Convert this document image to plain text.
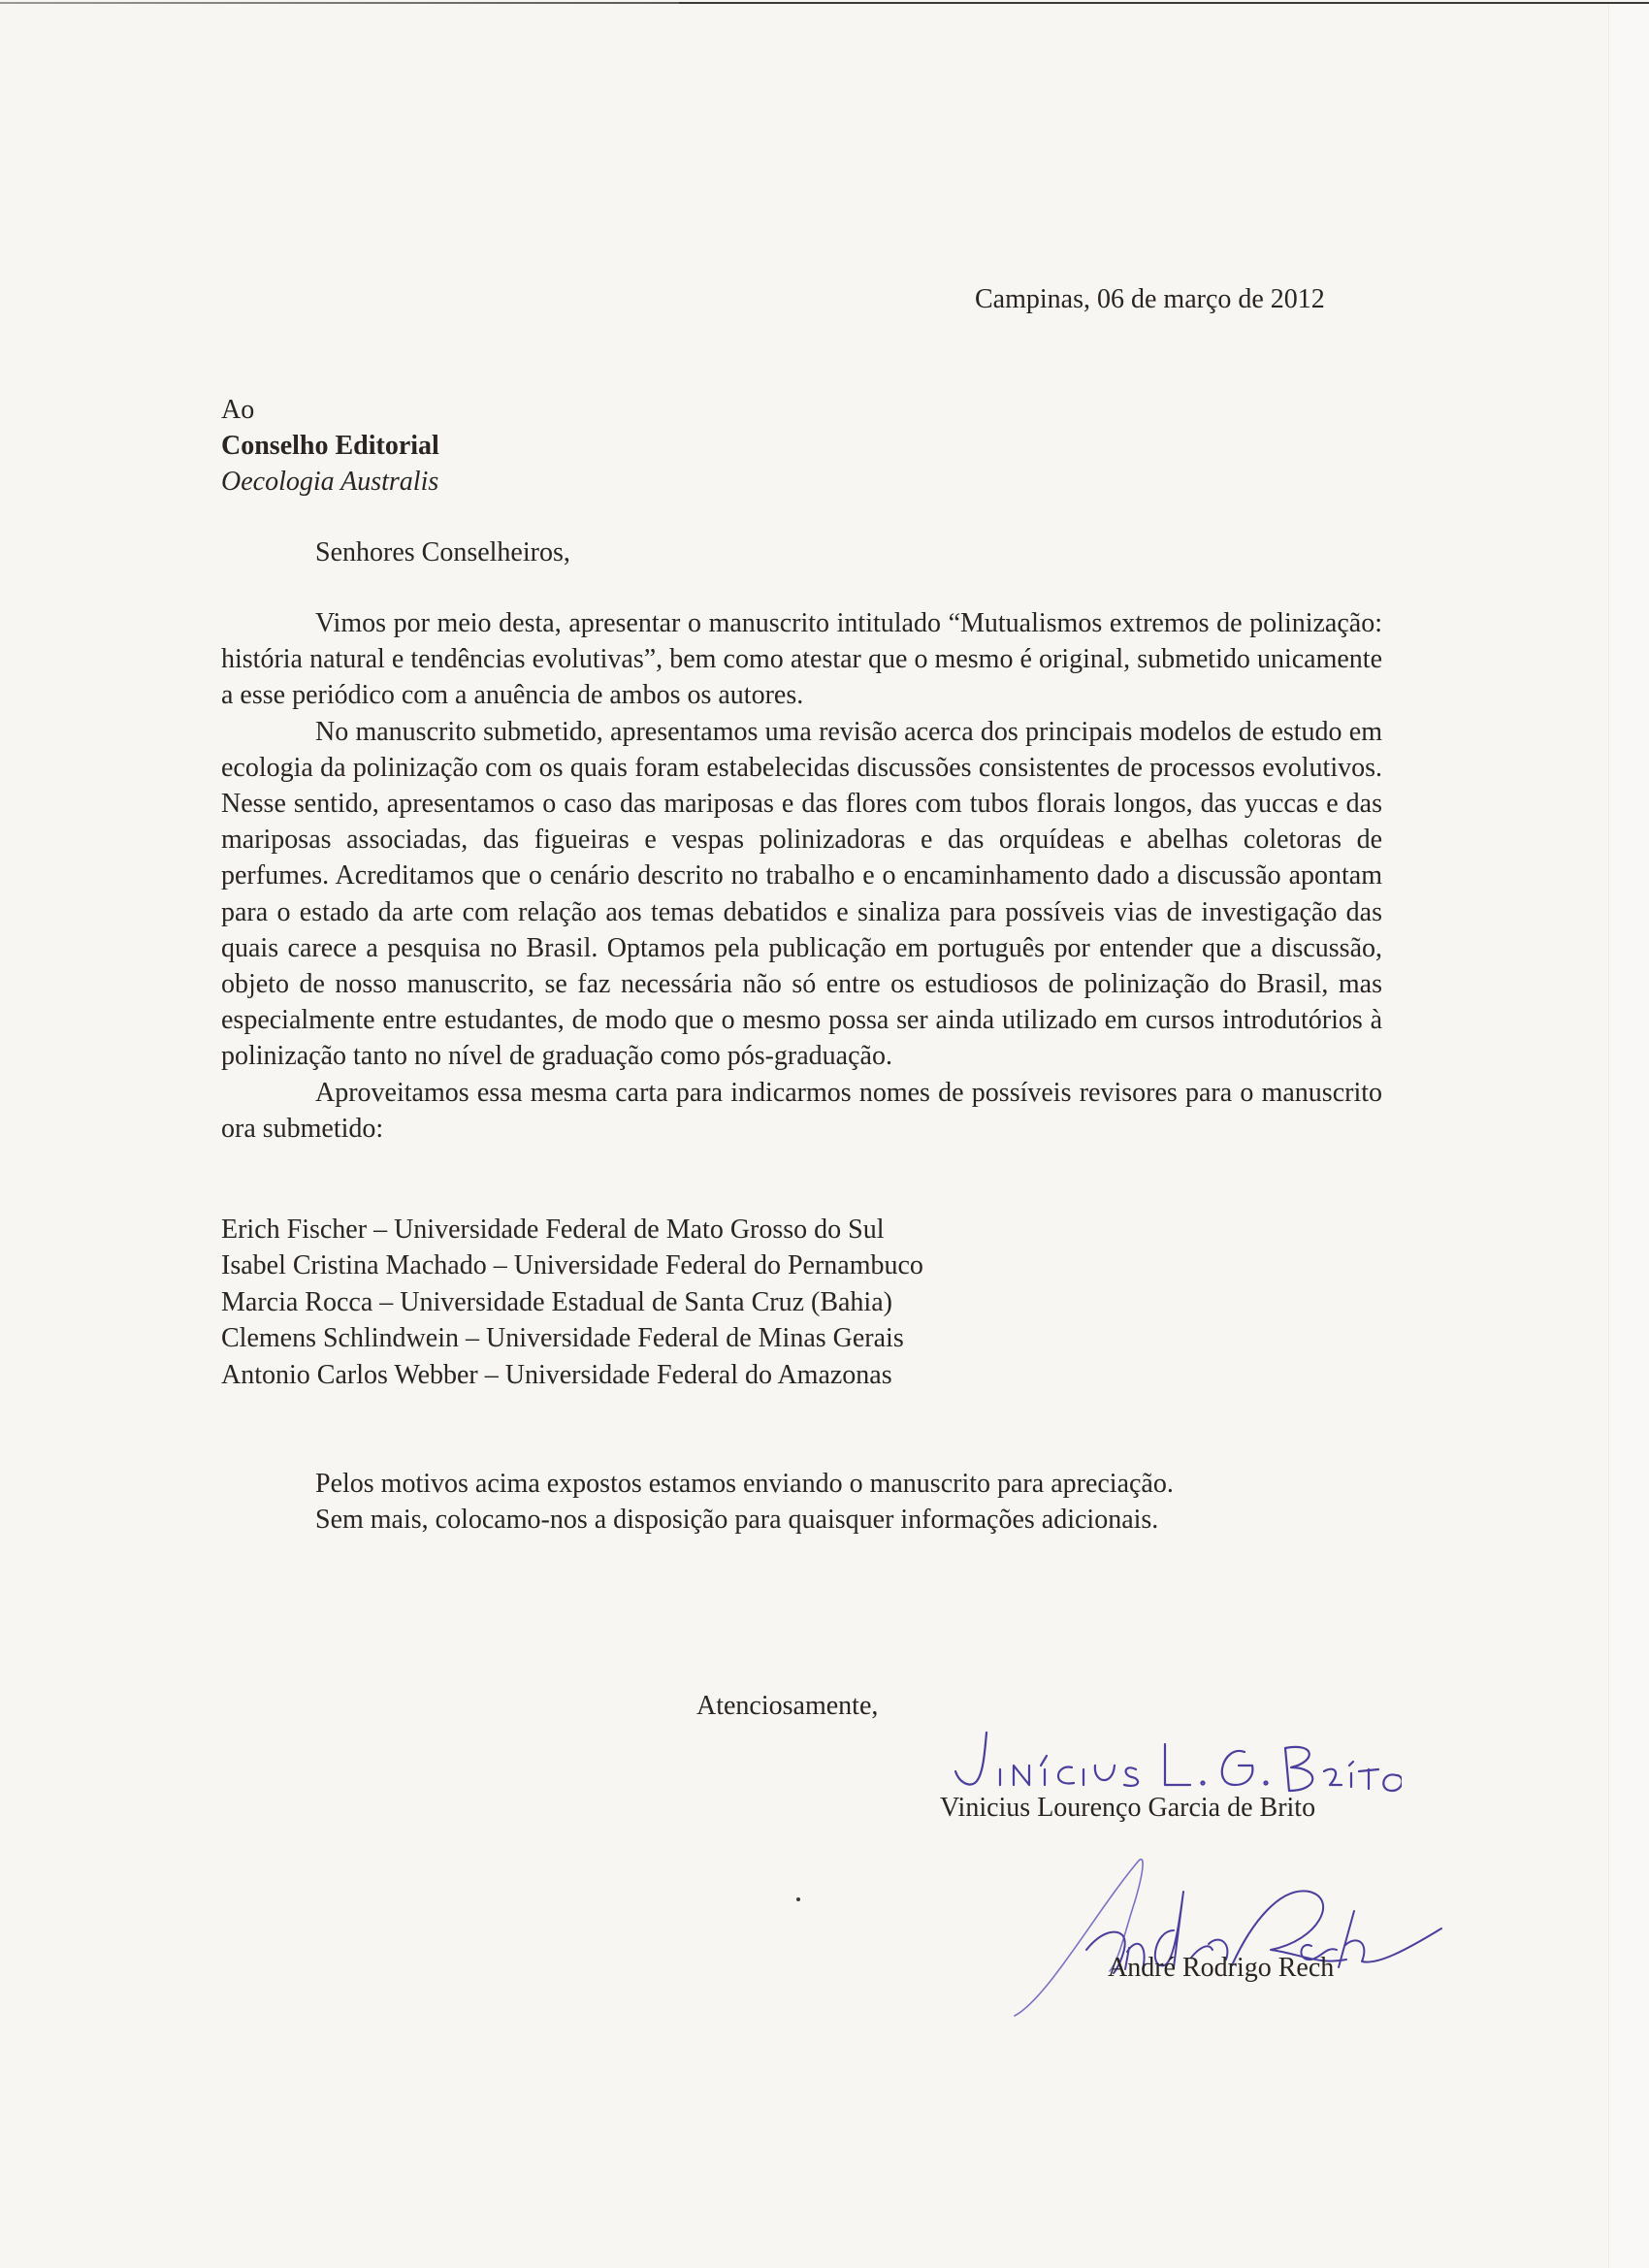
Campinas, 06 de março de 2012
Ao
Conselho Editorial
Oecologia Australis
Senhores Conselheiros,

Vimos por meio desta, apresentar o manuscrito intitulado “Mutualismos extremos de polinização: história natural e tendências evolutivas”, bem como atestar que o mesmo é original, submetido unicamente a esse periódico com a anuência de ambos os autores.

No manuscrito submetido, apresentamos uma revisão acerca dos principais modelos de estudo em ecologia da polinização com os quais foram estabelecidas discussões consistentes de processos evolutivos. Nesse sentido, apresentamos o caso das mariposas e das flores com tubos florais longos, das yuccas e das mariposas associadas, das figueiras e vespas polinizadoras e das orquídeas e abelhas coletoras de perfumes. Acreditamos que o cenário descrito no trabalho e o encaminhamento dado a discussão apontam para o estado da arte com relação aos temas debatidos e sinaliza para possíveis vias de investigação das quais carece a pesquisa no Brasil. Optamos pela publicação em português por entender que a discussão, objeto de nosso manuscrito, se faz necessária não só entre os estudiosos de polinização do Brasil, mas especialmente entre estudantes, de modo que o mesmo possa ser ainda utilizado em cursos introdutórios à polinização tanto no nível de graduação como pós-graduação.

Aproveitamos essa mesma carta para indicarmos nomes de possíveis revisores para o manuscrito ora submetido:

Erich Fischer – Universidade Federal de Mato Grosso do Sul
Isabel Cristina Machado – Universidade Federal do Pernambuco
Marcia Rocca – Universidade Estadual de Santa Cruz (Bahia)
Clemens Schlindwein – Universidade Federal de Minas Gerais
Antonio Carlos Webber – Universidade Federal do Amazonas
Pelos motivos acima expostos estamos enviando o manuscrito para apreciação.
Sem mais, colocamo-nos a disposição para quaisquer informações adicionais.
Atenciosamente,
Vinicius Lourenço Garcia de Brito
André Rodrigo Rech
